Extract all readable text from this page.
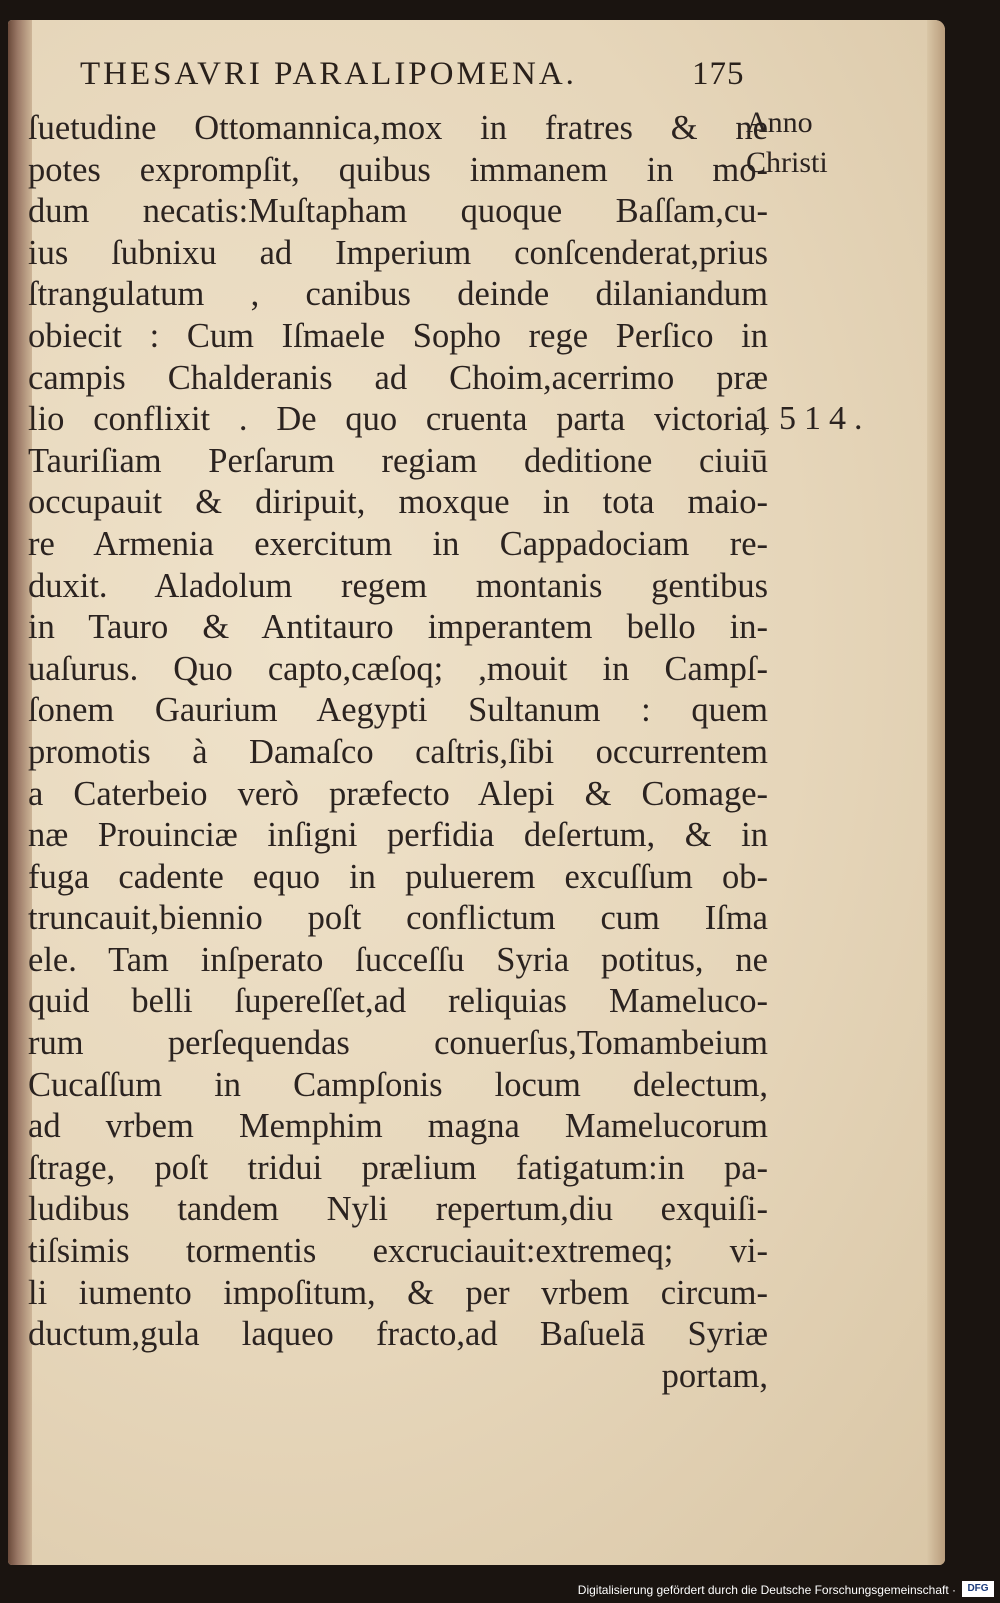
THESAVRI PARALIPOMENA.	175
ſuetudine Ottomannica,mox in fratres & ne
potes exprompſit, quibus immanem in mo-
dum necatis:Muſtapham quoque Baſſam,cu-
ius ſubnixu ad Imperium conſcenderat,prius
ſtrangulatum , canibus deinde dilaniandum
obiecit : Cum Iſmaele Sopho rege Perſico in
campis Chalderanis ad Choim,acerrimo præ
lio conflixit . De quo cruenta parta victoria,
Tauriſiam Perſarum regiam deditione ciuiū
occupauit & diripuit, moxque in tota maio-
re Armenia exercitum in Cappadociam re-
duxit. Aladolum regem montanis gentibus
in Tauro & Antitauro imperantem bello in-
uaſurus. Quo capto,cæſoq; ,mouit in Campſ-
ſonem Gaurium Aegypti Sultanum : quem
promotis à Damaſco caſtris,ſibi occurrentem
a Caterbeio verò præfecto Alepi & Comage-
næ Prouinciæ inſigni perfidia deſertum, & in
fuga cadente equo in puluerem excuſſum ob-
truncauit,biennio poſt conflictum cum Iſma
ele. Tam inſperato ſucceſſu Syria potitus, ne
quid belli ſupereſſet,ad reliquias Mameluco-
rum perſequendas conuerſus,Tomambeium
Cucaſſum in Campſonis locum delectum,
ad vrbem Memphim magna Mamelucorum
ſtrage, poſt tridui prælium fatigatum:in pa-
ludibus tandem Nyli repertum,diu exquiſi-
tiſsimis tormentis excruciauit:extremeq; vi-
li iumento impoſitum, & per vrbem circum-
ductum,gula laqueo fracto,ad Baſuelā Syriæ
portam,
Anno
Christi
1514.
Digitalisierung gefördert durch die Deutsche Forschungsgemeinschaft ·	DFG
